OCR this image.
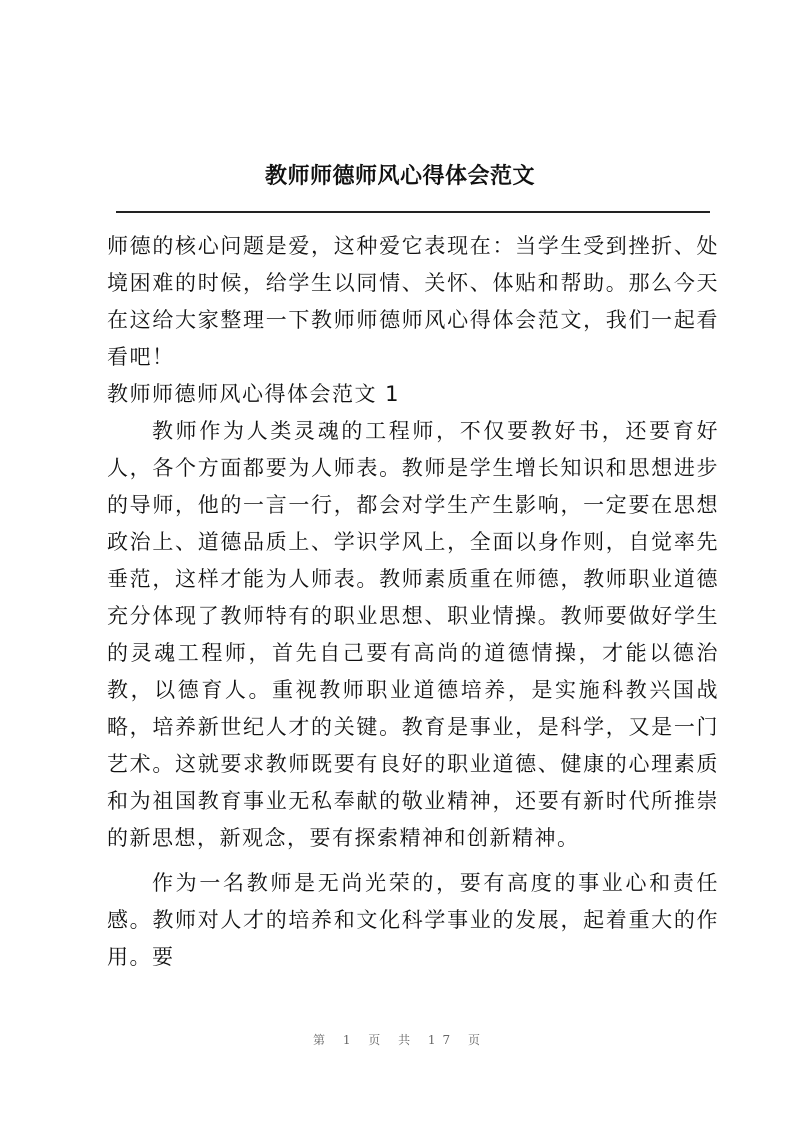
教师师德师风心得体会范文

师德的核心问题是爱，这种爱它表现在：当学生受到挫折、处境困难的时候，给学生以同情、关怀、体贴和帮助。那么今天在这给大家整理一下教师师德师风心得体会范文，我们一起看看吧！

教师师德师风心得体会范文 1

教师作为人类灵魂的工程师，不仅要教好书，还要育好人，各个方面都要为人师表。教师是学生增长知识和思想进步的导师，他的一言一行，都会对学生产生影响，一定要在思想政治上、道德品质上、学识学风上，全面以身作则，自觉率先垂范，这样才能为人师表。教师素质重在师德，教师职业道德充分体现了教师特有的职业思想、职业情操。教师要做好学生的灵魂工程师，首先自己要有高尚的道德情操，才能以德治教，以德育人。重视教师职业道德培养，是实施科教兴国战略，培养新世纪人才的关键。教育是事业，是科学，又是一门艺术。这就要求教师既要有良好的职业道德、健康的心理素质和为祖国教育事业无私奉献的敬业精神，还要有新时代所推崇的新思想，新观念，要有探索精神和创新精神。

作为一名教师是无尚光荣的，要有高度的事业心和责任感。教师对人才的培养和文化科学事业的发展，起着重大的作用。要

第 1 页 共 17 页
